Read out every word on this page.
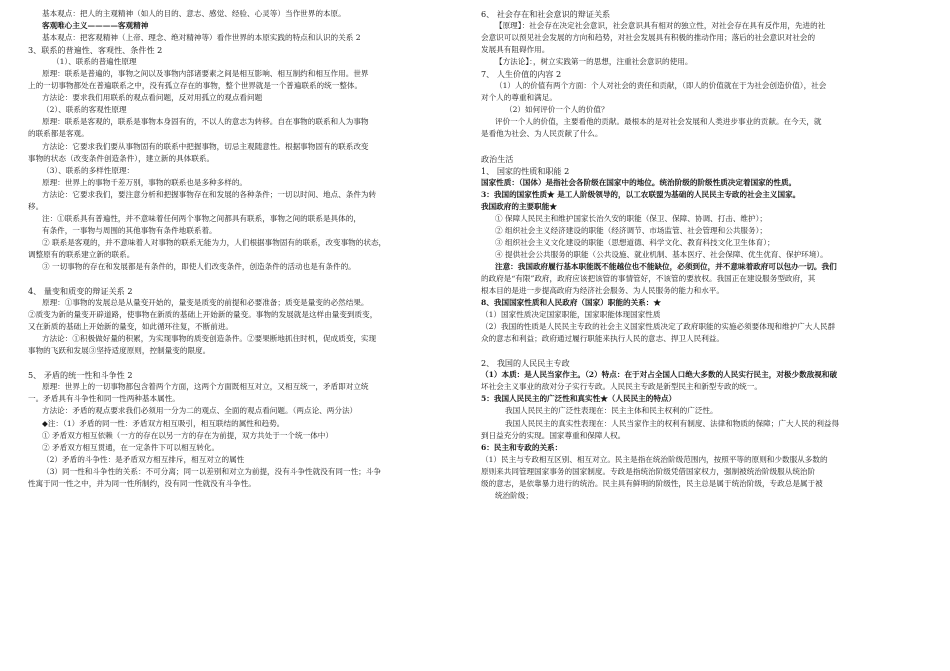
基本观点：把人的主观精神（如人的目的、意志、感觉、经验、心灵等）当作世界的本原。
客观唯心主义————客观精神
基本观点：把客观精神（上帝、理念、绝对精神等）看作世界的本原实践的特点和认识的关系 2
3、联系的普遍性、客观性、条件性 2
（1）、联系的普遍性原理
原理：联系是普遍的，事物之间以及事物内部诸要素之间是相互影响、相互制约和相互作用。世界
上的一切事物都处在普遍联系之中，没有孤立存在的事物，整个世界就是一个普遍联系的统一整体。
方法论：要求我们用联系的观点看问题，反对用孤立的观点看问题
（2）、联系的客观性原理
原理：联系是客观的，联系是事物本身固有的，不以人的意志为转移。自在事物的联系和人为事物
的联系都是客观。
方法论：它要求我们要从事物固有的联系中把握事物，切忌主观随意性。根据事物固有的联系改变
事物的状态（改变条件创造条件），建立新的具体联系。
（3）、联系的多样性原理：
原理：世界上的事物千差万别，事物的联系也是多种多样的。
方法论：它要求我们，要注意分析和把握事物存在和发展的各种条件；一切以时间、地点、条件为转
移。
注：①联系具有普遍性，并不意味着任何两个事物之间都具有联系，事物之间的联系是具体的，
有条件，一事物与周围的其他事物有条件地联系着。
② 联系是客观的，并不意味着人对事物的联系无能为力，人们根据事物固有的联系，改变事物的状态，
调整原有的联系建立新的联系。
③ 一切事物的存在和发展都是有条件的，即使人们改变条件，创造条件的活动也是有条件的。
4、 量变和质变的辩证关系 2
原理：①事物的发展总是从量变开始的，量变是质变的前提和必要准备；质变是量变的必然结果。
②质变为新的量变开辟道路，使事物在新质的基础上开始新的量变。事物的发展就是这样由量变到质变，
又在新质的基础上开始新的量变，如此循环往复，不断前进。
方法论：①积极做好量的积累，为实现事物的质变创造条件。②要果断地抓住时机，促成质变，实现
事物的飞跃和发展③坚持适度原则，控制量变的限度。
5、 矛盾的统一性和斗争性 2
原理：世界上的一切事物都包含着两个方面，这两个方面既相互对立，又相互统一，矛盾即对立统
一。矛盾具有斗争性和同一性两种基本属性。
方法论：矛盾的观点要求我们必须用一分为二的观点、全面的观点看问题。（两点论、两分法）
◆注：（1）矛盾的同一性：矛盾双方相互吸引，相互联结的属性和趋势。
① 矛盾双方相互依赖（一方的存在以另一方的存在为前提，双方共处于一个统一体中）
② 矛盾双方相互贯通，在一定条件下可以相互转化。
（2）矛盾的斗争性：是矛盾双方相互排斥，相互对立的属性
（3）同一性和斗争性的关系：不可分离；同一以差别和对立为前提，没有斗争性就没有同一性；斗争
性寓于同一性之中，并为同一性所制约，没有同一性就没有斗争性。
6、 社会存在和社会意识的辩证关系
【原理】：社会存在决定社会意识，社会意识具有相对的独立性，对社会存在具有反作用，先进的社
会意识可以预见社会发展的方向和趋势，对社会发展具有积极的推动作用；落后的社会意识对社会的
发展具有阻碍作用。
【方法论】：，树立实践第一的思想，注重社会意识的使用。
7、 人生价值的内容 2
（1）人的价值有两个方面：个人对社会的责任和贡献，（即人的价值就在于为社会创造价值），社会
对个人的尊重和满足。
（2）如何评价一个人的价值？
评价一个人的价值，主要看他的贡献。最根本的是对社会发展和人类进步事业的贡献。在今天，就
是看他为社会、为人民贡献了什么。
政治生活
1、 国家的性质和职能 2
国家性质：（国体）是指社会各阶级在国家中的地位。统治阶级的阶级性质决定着国家的性质。
3：我国的国家性质★ 是工人阶级领导的，以工农联盟为基础的人民民主专政的社会主义国家。
我国政府的主要职能★
① 保障人民民主和维护国家长治久安的职能（保卫、保障、协调、打击、维护）；
② 组织社会主义经济建设的职能（经济调节、市场监管、社会管理和公共服务）；
③ 组织社会主义文化建设的职能（思想道德、科学文化、教育科技文化卫生体育）；
④ 提供社会公共服务的职能（公共设施、就业机制、基本医疗、社会保障、优生优育、保护环境）。
注意：我国政府履行基本职能既不能越位也不能缺位，必须到位，并不意味着政府可以包办一切。我们
的政府是“有限”政府，政府应该把该管的事情管好，不该管的要放权。我国正在建设服务型政府，其
根本目的是进一步提高政府为经济社会服务、为人民服务的能力和水平。
8、我国国家性质和人民政府（国家）职能的关系：★
（1）国家性质决定国家职能，国家职能体现国家性质
（2）我国的性质是人民民主专政的社会主义国家性质决定了政府职能的实施必须要体现和维护广大人民群
众的意志和利益；政府通过履行职能来执行人民的意志、捍卫人民利益。
2、 我国的人民民主专政
（1）本质：是人民当家作主。（2）特点：在于对占全国人口绝大多数的人民实行民主，对极少数敌视和破
坏社会主义事业的敌对分子实行专政。人民民主专政是新型民主和新型专政的统一。
5：我国人民民主的广泛性和真实性★（人民民主的特点）
我国人民民主的广泛性表现在：民主主体和民主权利的广泛性。
我国人民民主的真实性表现在：人民当家作主的权利有制度、法律和物质的保障；广大人民的利益得
到日益充分的实现。国家尊重和保障人权。
6：民主和专政的关系：
（1）民主与专政相互区别、相互对立。民主是指在统治阶级范围内，按照平等的原则和少数服从多数的
原则来共同管理国家事务的国家制度。专政是指统治阶级凭借国家权力，强制被统治阶级服从统治阶
级的意志，是依靠暴力进行的统治。民主具有鲜明的阶级性，民主总是属于统治阶级，专政总是属于被
统治阶级；
